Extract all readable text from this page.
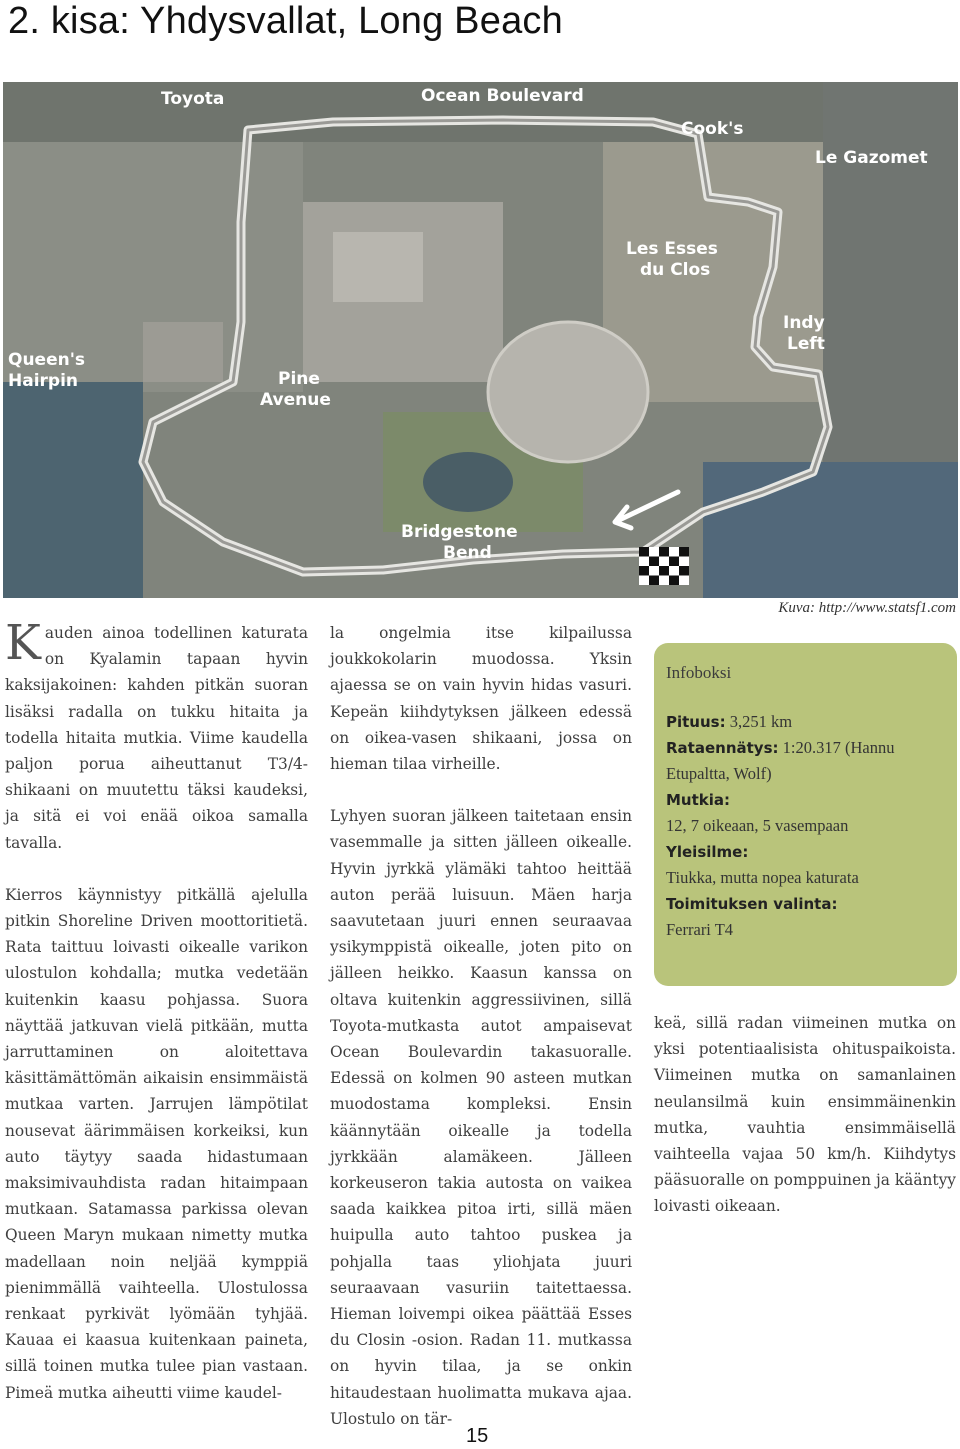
2. kisa: Yhdysvallat, Long Beach
Toyota	Ocean Boulevard
Cook's
Le Gazomet
Les Esses
du Clos
Indy
Left
Queen's
Hairpin	Pine
Avenue
Bridgestone
Bend
Kuva: http://www.statsf1.com

Kauden ainoa todellinen katurata on Kyalamin tapaan hyvin kaksijakoinen: kahden pitkän suoran lisäksi radalla on tukku hitaita ja todella hitaita mutkia. Viime kaudella paljon porua aiheuttanut T3/4-shikaani on muutettu täksi kaudeksi, ja sitä ei voi enää oikoa samalla tavalla.

Kierros käynnistyy pitkällä ajelulla pitkin Shoreline Driven moottoritietä. Rata taittuu loivasti oikealle varikon ulostulon kohdalla; mutka vedetään kuitenkin kaasu pohjassa. Suora näyttää jatkuvan vielä pitkään, mutta jarruttaminen on aloitettava käsittämättömän aikaisin ensimmäistä mutkaa varten. Jarrujen lämpötilat nousevat äärimmäisen korkeiksi, kun auto täytyy saada hidastumaan maksimivauhdista radan hitaimpaan mutkaan. Satamassa parkissa olevan Queen Maryn mukaan nimetty mutka madellaan noin neljää kymppiä pienimmällä vaihteella. Ulostulossa renkaat pyrkivät lyömään tyhjää. Kauaa ei kaasua kuitenkaan paineta, sillä toinen mutka tulee pian vastaan. Pimeä mutka aiheutti viime kaudel-

la ongelmia itse kilpailussa joukkokolarin muodossa. Yksin ajaessa se on vain hyvin hidas vasuri. Kepeän kiihdytyksen jälkeen edessä on oikea-vasen shikaani, jossa on hieman tilaa virheille.

Lyhyen suoran jälkeen taitetaan ensin vasemmalle ja sitten jälleen oikealle. Hyvin jyrkkä ylämäki tahtoo heittää auton perää luisuun. Mäen harja saavutetaan juuri ennen seuraavaa ysikymppistä oikealle, joten pito on jälleen heikko. Kaasun kanssa on oltava kuitenkin aggressiivinen, sillä Toyota-mutkasta autot ampaisevat Ocean Boulevardin takasuoralle. Edessä on kolmen 90 asteen mutkan muodostama kompleksi. Ensin käännytään oikealle ja todella jyrkkään alamäkeen. Jälleen korkeuseron takia autosta on vaikea saada kaikkea pitoa irti, sillä mäen huipulla auto tahtoo puskea ja pohjalla taas yliohjata juuri seuraavaan vasuriin taitettaessa. Hieman loivempi oikea päättää Esses du Closin -osion. Radan 11. mutkassa on hyvin tilaa, ja se onkin hitaudestaan huolimatta mukava ajaa. Ulostulo on tär-

Infoboksi
Pituus: 3,251 km
Rataennätys: 1:20.317 (Hannu Etupaltta, Wolf)
Mutkia:
12, 7 oikeaan, 5 vasempaan
Yleisilme:
Tiukka, mutta nopea katurata
Toimituksen valinta:
Ferrari T4

keä, sillä radan viimeinen mutka on yksi potentiaalisista ohituspaikoista. Viimeinen mutka on samanlainen neulansilmä kuin ensimmäinenkin mutka, vauhtia ensimmäisellä vaihteella vajaa 50 km/h. Kiihdytys pääsuoralle on pomppuinen ja kääntyy loivasti oikeaan.

15
